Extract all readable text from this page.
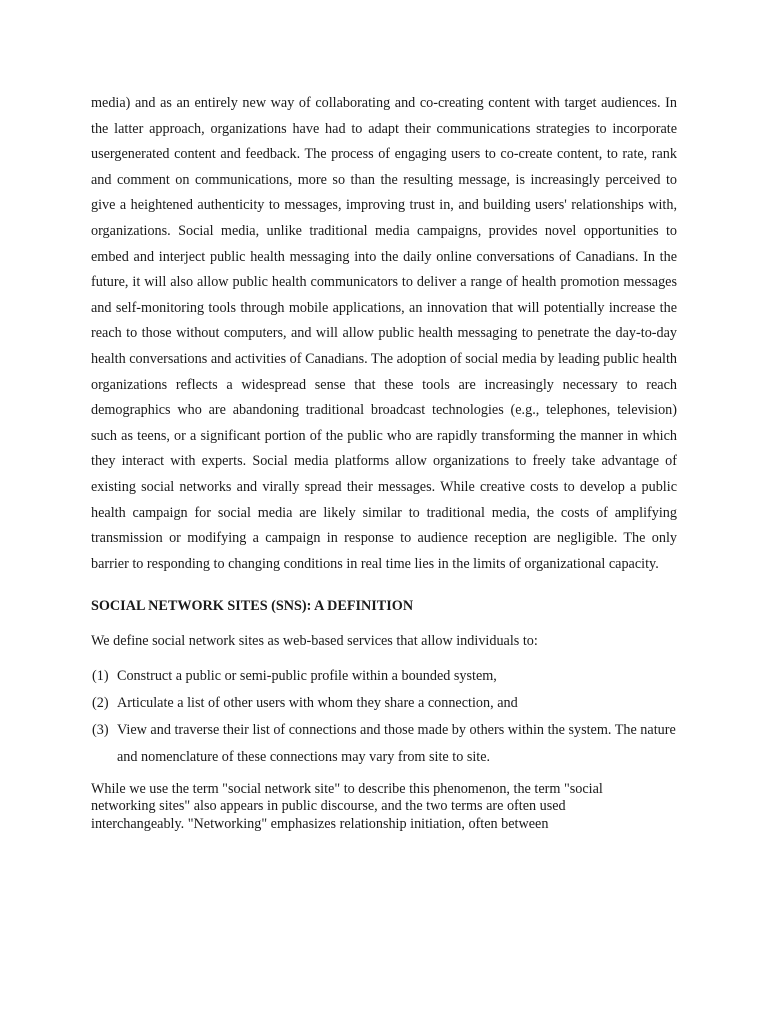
media) and as an entirely new way of collaborating and co-creating content with target audiences. In the latter approach, organizations have had to adapt their communications strategies to incorporate usergenerated content and feedback. The process of engaging users to co-create content, to rate, rank and comment on communications, more so than the resulting message, is increasingly perceived to give a heightened authenticity to messages, improving trust in, and building users' relationships with, organizations. Social media, unlike traditional media campaigns, provides novel opportunities to embed and interject public health messaging into the daily online conversations of Canadians. In the future, it will also allow public health communicators to deliver a range of health promotion messages and self-monitoring tools through mobile applications, an innovation that will potentially increase the reach to those without computers, and will allow public health messaging to penetrate the day-to-day health conversations and activities of Canadians. The adoption of social media by leading public health organizations reflects a widespread sense that these tools are increasingly necessary to reach demographics who are abandoning traditional broadcast technologies (e.g., telephones, television) such as teens, or a significant portion of the public who are rapidly transforming the manner in which they interact with experts. Social media platforms allow organizations to freely take advantage of existing social networks and virally spread their messages. While creative costs to develop a public health campaign for social media are likely similar to traditional media, the costs of amplifying transmission or modifying a campaign in response to audience reception are negligible. The only barrier to responding to changing conditions in real time lies in the limits of organizational capacity.

SOCIAL NETWORK SITES (SNS): A DEFINITION

We define social network sites as web-based services that allow individuals to:

(1) Construct a public or semi-public profile within a bounded system,
(2) Articulate a list of other users with whom they share a connection, and
(3) View and traverse their list of connections and those made by others within the system. The nature and nomenclature of these connections may vary from site to site.

While we use the term "social network site" to describe this phenomenon, the term "social networking sites" also appears in public discourse, and the two terms are often used interchangeably. "Networking" emphasizes relationship initiation, often between
